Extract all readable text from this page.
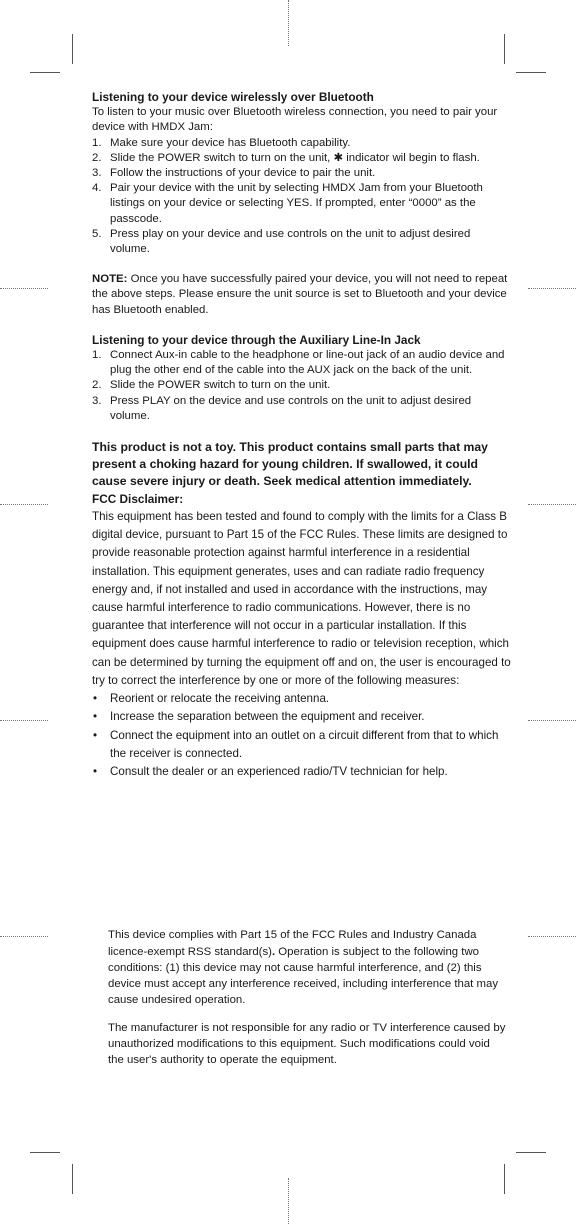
Listening to your device wirelessly over Bluetooth

To listen to your music over Bluetooth wireless connection, you need to pair your device with HMDX Jam:

1. Make sure your device has Bluetooth capability.
2. Slide the POWER switch to turn on the unit, ✱ indicator wil begin to flash.
3. Follow the instructions of your device to pair the unit.
4. Pair your device with the unit by selecting HMDX Jam from your Bluetooth listings on your device or selecting YES. If prompted, enter “0000” as the passcode.
5. Press play on your device and use controls on the unit to adjust desired volume.

NOTE: Once you have successfully paired your device, you will not need to repeat the above steps. Please ensure the unit source is set to Bluetooth and your device has Bluetooth enabled.

Listening to your device through the Auxiliary Line-In Jack

1. Connect Aux-in cable to the headphone or line-out jack of an audio device and plug the other end of the cable into the AUX jack on the back of the unit.
2. Slide the POWER switch to turn on the unit.
3. Press PLAY on the device and use controls on the unit to adjust desired volume.

This product is not a toy. This product contains small parts that may present a choking hazard for young children. If swallowed, it could cause severe injury or death. Seek medical attention immediately.

FCC Disclaimer:

This equipment has been tested and found to comply with the limits for a Class B digital device, pursuant to Part 15 of the FCC Rules. These limits are designed to provide reasonable protection against harmful interference in a residential installation. This equipment generates, uses and can radiate radio frequency energy and, if not installed and used in accordance with the instructions, may cause harmful interference to radio communications. However, there is no guarantee that interference will not occur in a particular installation. If this equipment does cause harmful interference to radio or television reception, which can be determined by turning the equipment off and on, the user is encouraged to try to correct the interference by one or more of the following measures:

• Reorient or relocate the receiving antenna.
• Increase the separation between the equipment and receiver.
• Connect the equipment into an outlet on a circuit different from that to which the receiver is connected.
• Consult the dealer or an experienced radio/TV technician for help.

This device complies with Part 15 of the FCC Rules and Industry Canada licence-exempt RSS standard(s). Operation is subject to the following two conditions: (1) this device may not cause harmful interference, and (2) this device must accept any interference received, including interference that may cause undesired operation.

The manufacturer is not responsible for any radio or TV interference caused by unauthorized modifications to this equipment. Such modifications could void the user's authority to operate the equipment.
